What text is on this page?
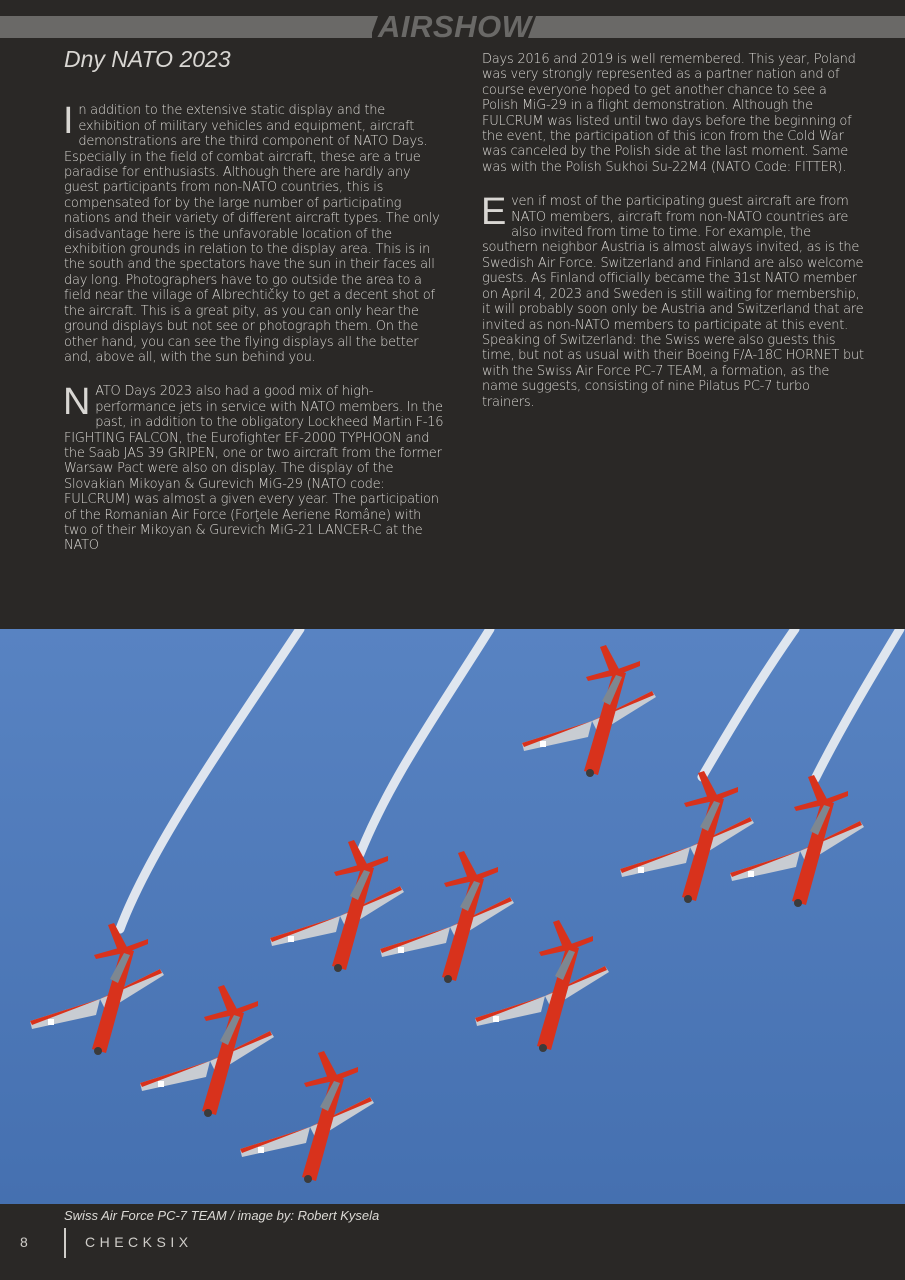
AIRSHOW
Dny NATO 2023

In addition to the extensive static display and the exhibition of military vehicles and equipment, aircraft demonstrations are the third component of NATO Days. Especially in the field of combat aircraft, these are a true paradise for enthusiasts. Although there are hardly any guest participants from non-NATO countries, this is compensated for by the large number of participating nations and their variety of different aircraft types. The only disadvantage here is the unfavorable location of the exhibition grounds in relation to the display area. This is in the south and the spectators have the sun in their faces all day long. Photographers have to go outside the area to a field near the village of Albrechtičky to get a decent shot of the aircraft. This is a great pity, as you can only hear the ground displays but not see or photograph them. On the other hand, you can see the flying displays all the better and, above all, with the sun behind you.

NATO Days 2023 also had a good mix of high-performance jets in service with NATO members. In the past, in addition to the obligatory Lockheed Martin F-16 FIGHTING FALCON, the Eurofighter EF-2000 TYPHOON and the Saab JAS 39 GRIPEN, one or two aircraft from the former Warsaw Pact were also on display. The display of the Slovakian Mikoyan & Gurevich MiG-29 (NATO code: FULCRUM) was almost a given every year. The participation of the Romanian Air Force (Forţele Aeriene Române) with two of their Mikoyan & Gurevich MiG-21 LANCER-C at the NATO

Days 2016 and 2019 is well remembered. This year, Poland was very strongly represented as a partner nation and of course everyone hoped to get another chance to see a Polish MiG-29 in a flight demonstration. Although the FULCRUM was listed until two days before the beginning of the event, the participation of this icon from the Cold War was canceled by the Polish side at the last moment. Same was with the Polish Sukhoi Su-22M4 (NATO Code: FITTER).

Even if most of the participating guest aircraft are from NATO members, aircraft from non-NATO countries are also invited from time to time. For example, the southern neighbor Austria is almost always invited, as is the Swedish Air Force. Switzerland and Finland are also welcome guests. As Finland officially became the 31st NATO member on April 4, 2023 and Sweden is still waiting for membership, it will probably soon only be Austria and Switzerland that are invited as non-NATO members to participate at this event. Speaking of Switzerland: the Swiss were also guests this time, but not as usual with their Boeing F/A-18C HORNET but with the Swiss Air Force PC-7 TEAM, a formation, as the name suggests, consisting of nine Pilatus PC-7 turbo trainers.

Swiss Air Force PC-7 TEAM / image by: Robert Kysela
8	CHECKSIX
